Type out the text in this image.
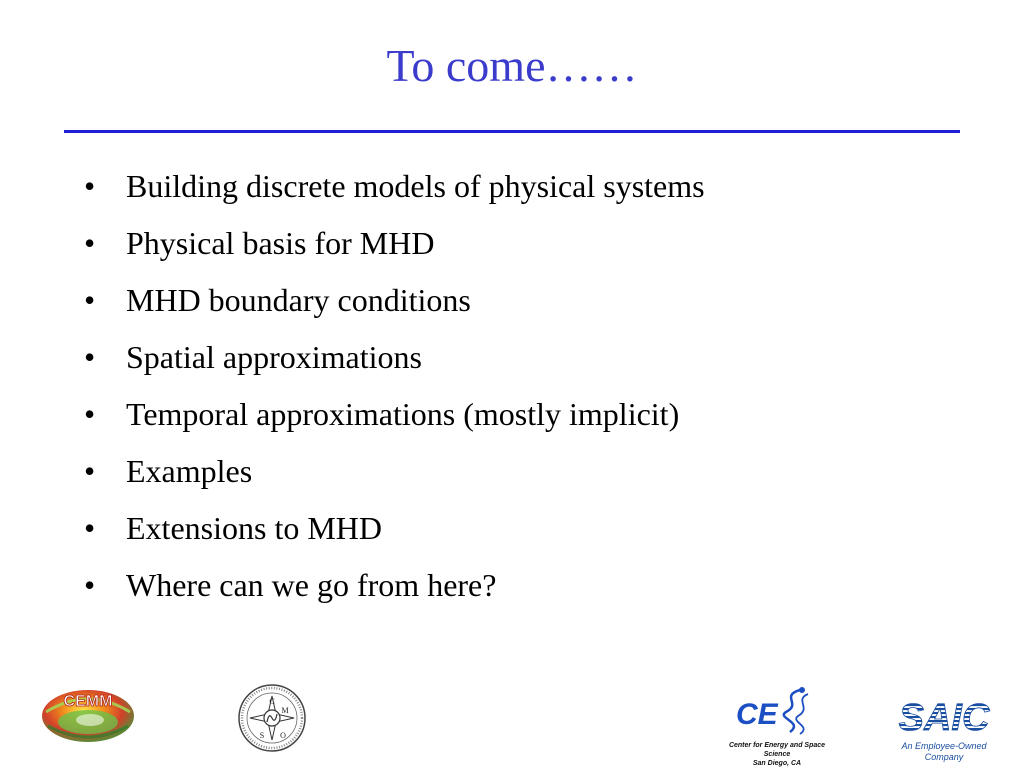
To come……
• Building discrete models of physical systems
• Physical basis for MHD
• MHD boundary conditions
• Spatial approximations
• Temporal approximations (mostly implicit)
• Examples
• Extensions to MHD
• Where can we go from here?
CEMM	C
M
S O
CE
Center for Energy and Space Science
San Diego, CA
SAIC
An Employee-Owned Company
